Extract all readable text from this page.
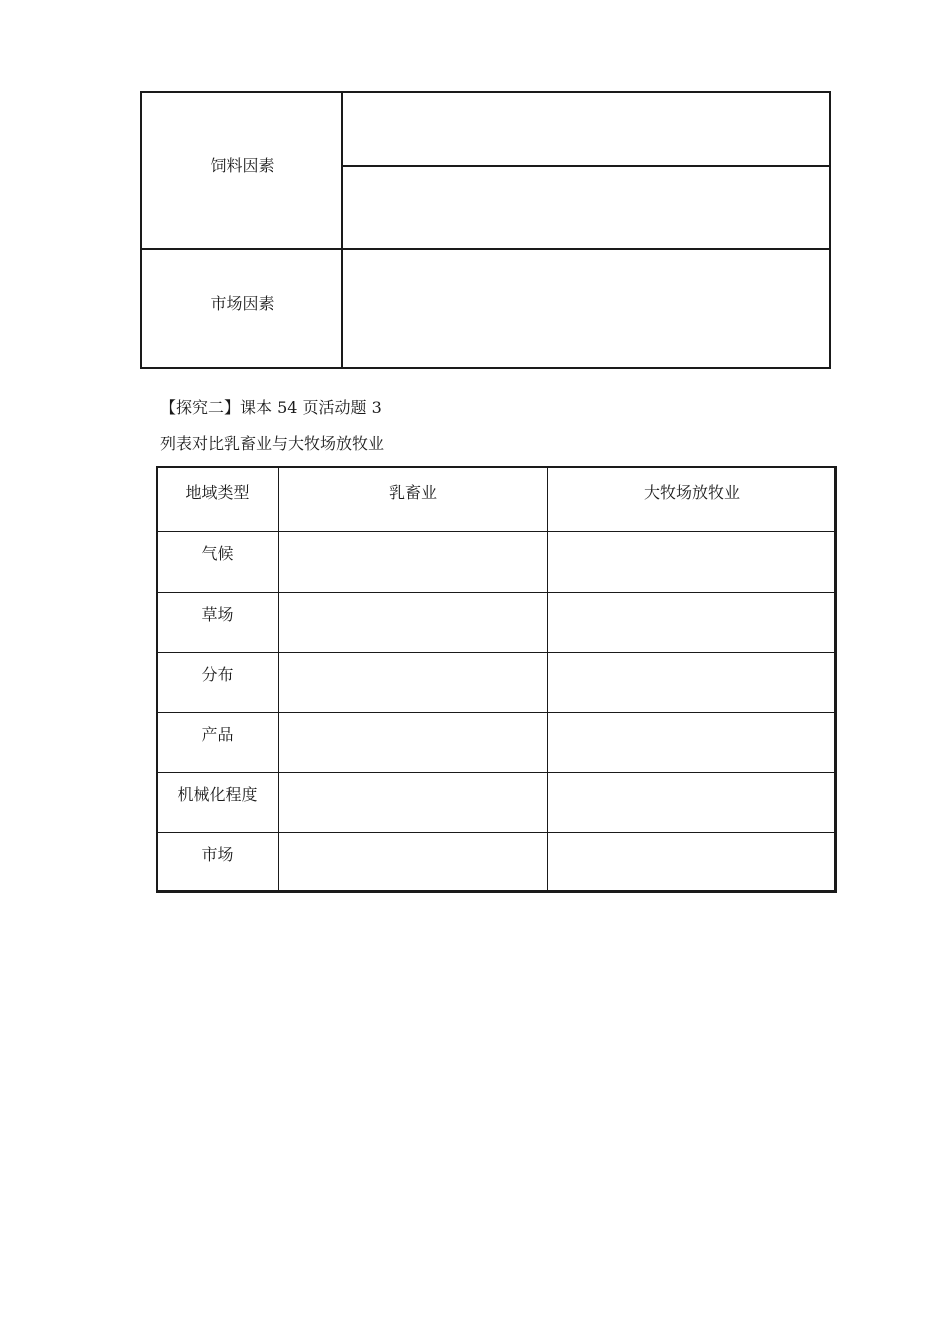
饲料因素
市场因素
【探究二】课本 54 页活动题 3
列表对比乳畜业与大牧场放牧业
地域类型	乳畜业	大牧场放牧业
气候		
草场		
分布		
产品		
机械化程度		
市场		
